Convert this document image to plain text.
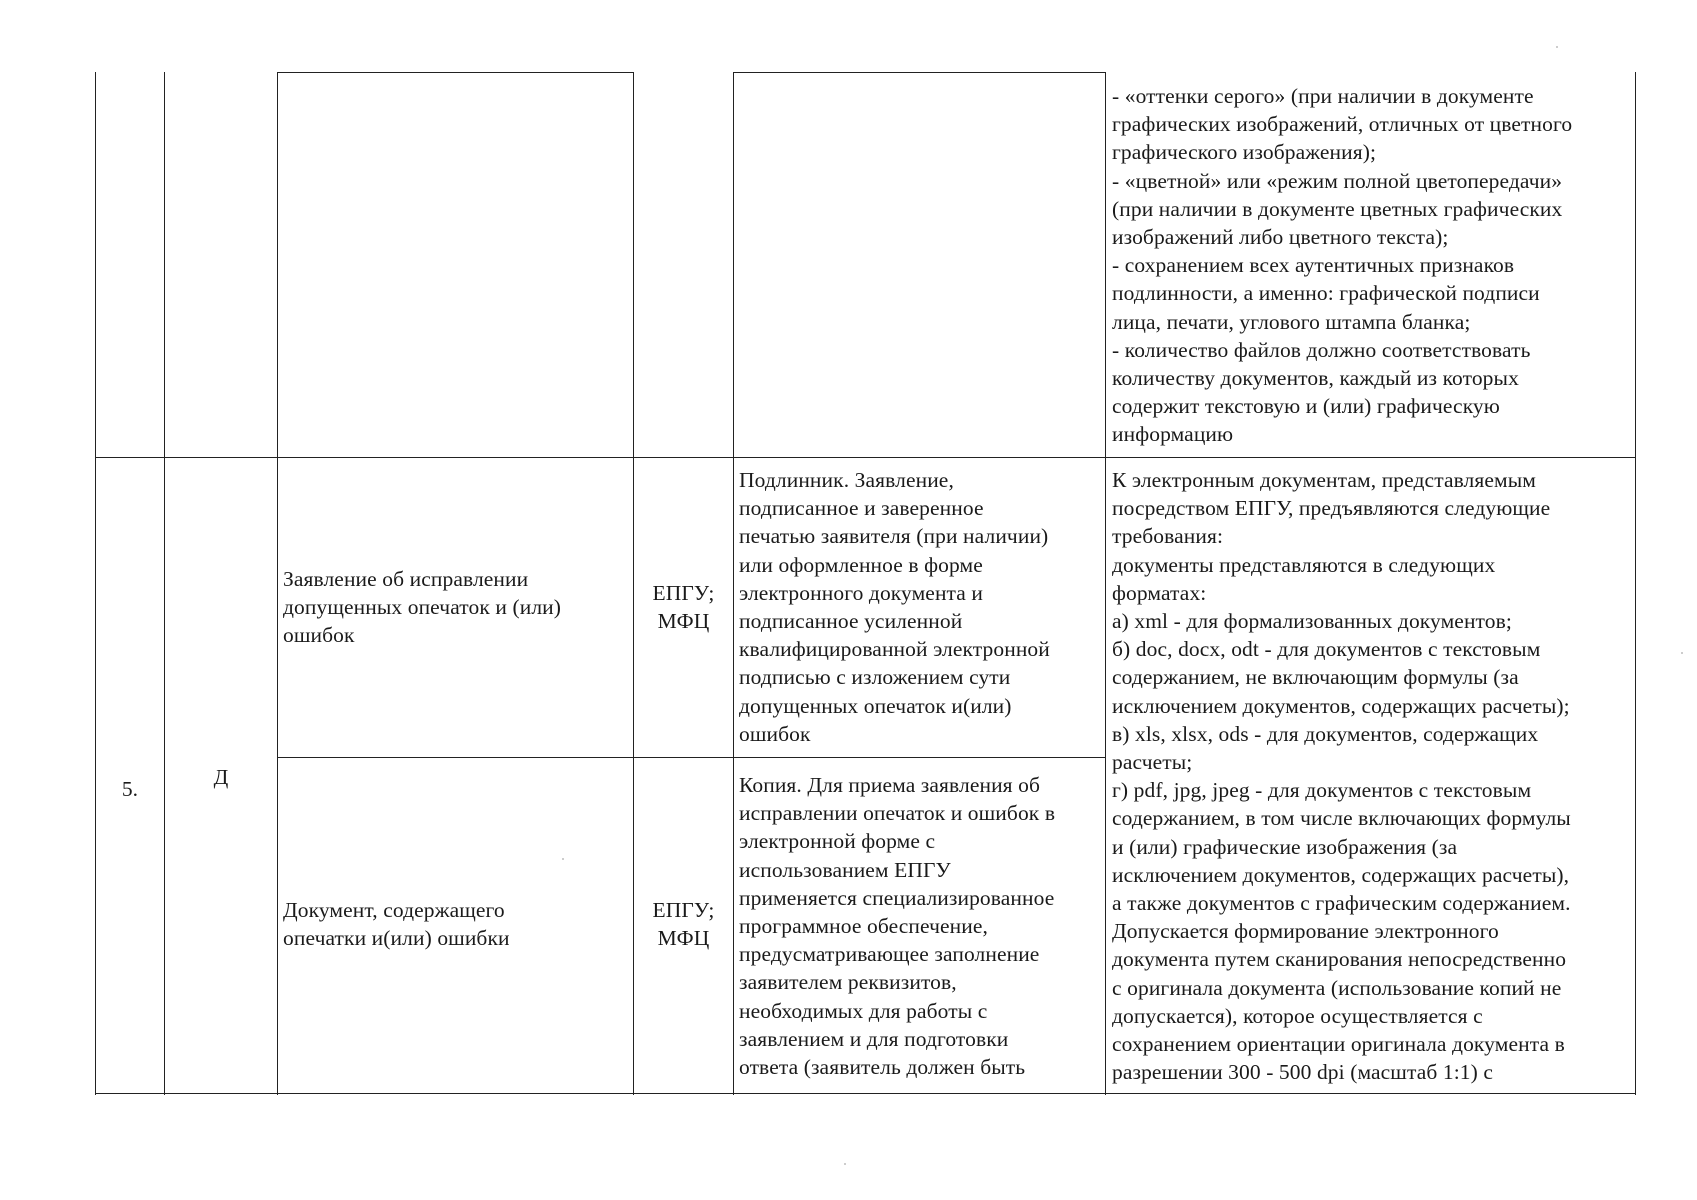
- «оттенки серого» (при наличии в документе
графических изображений, отличных от цветного
графического изображения);
- «цветной» или «режим полной цветопередачи»
(при наличии в документе цветных графических
изображений либо цветного текста);
- сохранением всех аутентичных признаков
подлинности, а именно: графической подписи
лица, печати, углового штампа бланка;
- количество файлов должно соответствовать
количеству документов, каждый из которых
содержит текстовую и (или) графическую
информацию
5.	Д
Заявление об исправлении
допущенных опечаток и (или)
ошибок
ЕПГУ;
МФЦ
Подлинник. Заявление,
подписанное и заверенное
печатью заявителя (при наличии)
или оформленное в форме
электронного документа и
подписанное усиленной
квалифицированной электронной
подписью с изложением сути
допущенных опечаток и(или)
ошибок
Документ, содержащего
опечатки и(или) ошибки
ЕПГУ;
МФЦ
Копия. Для приема заявления об
исправлении опечаток и ошибок в
электронной форме с
использованием ЕПГУ
применяется специализированное
программное обеспечение,
предусматривающее заполнение
заявителем реквизитов,
необходимых для работы с
заявлением и для подготовки
ответа (заявитель должен быть
К электронным документам, представляемым
посредством ЕПГУ, предъявляются следующие
требования:
документы представляются в следующих
форматах:
а) xml - для формализованных документов;
б) doc, docx, odt - для документов с текстовым
содержанием, не включающим формулы (за
исключением документов, содержащих расчеты);
в) xls, xlsx, ods - для документов, содержащих
расчеты;
г) pdf, jpg, jpeg - для документов с текстовым
содержанием, в том числе включающих формулы
и (или) графические изображения (за
исключением документов, содержащих расчеты),
а также документов с графическим содержанием.
Допускается формирование электронного
документа путем сканирования непосредственно
с оригинала документа (использование копий не
допускается), которое осуществляется с
сохранением ориентации оригинала документа в
разрешении 300 - 500 dpi (масштаб 1:1) с
